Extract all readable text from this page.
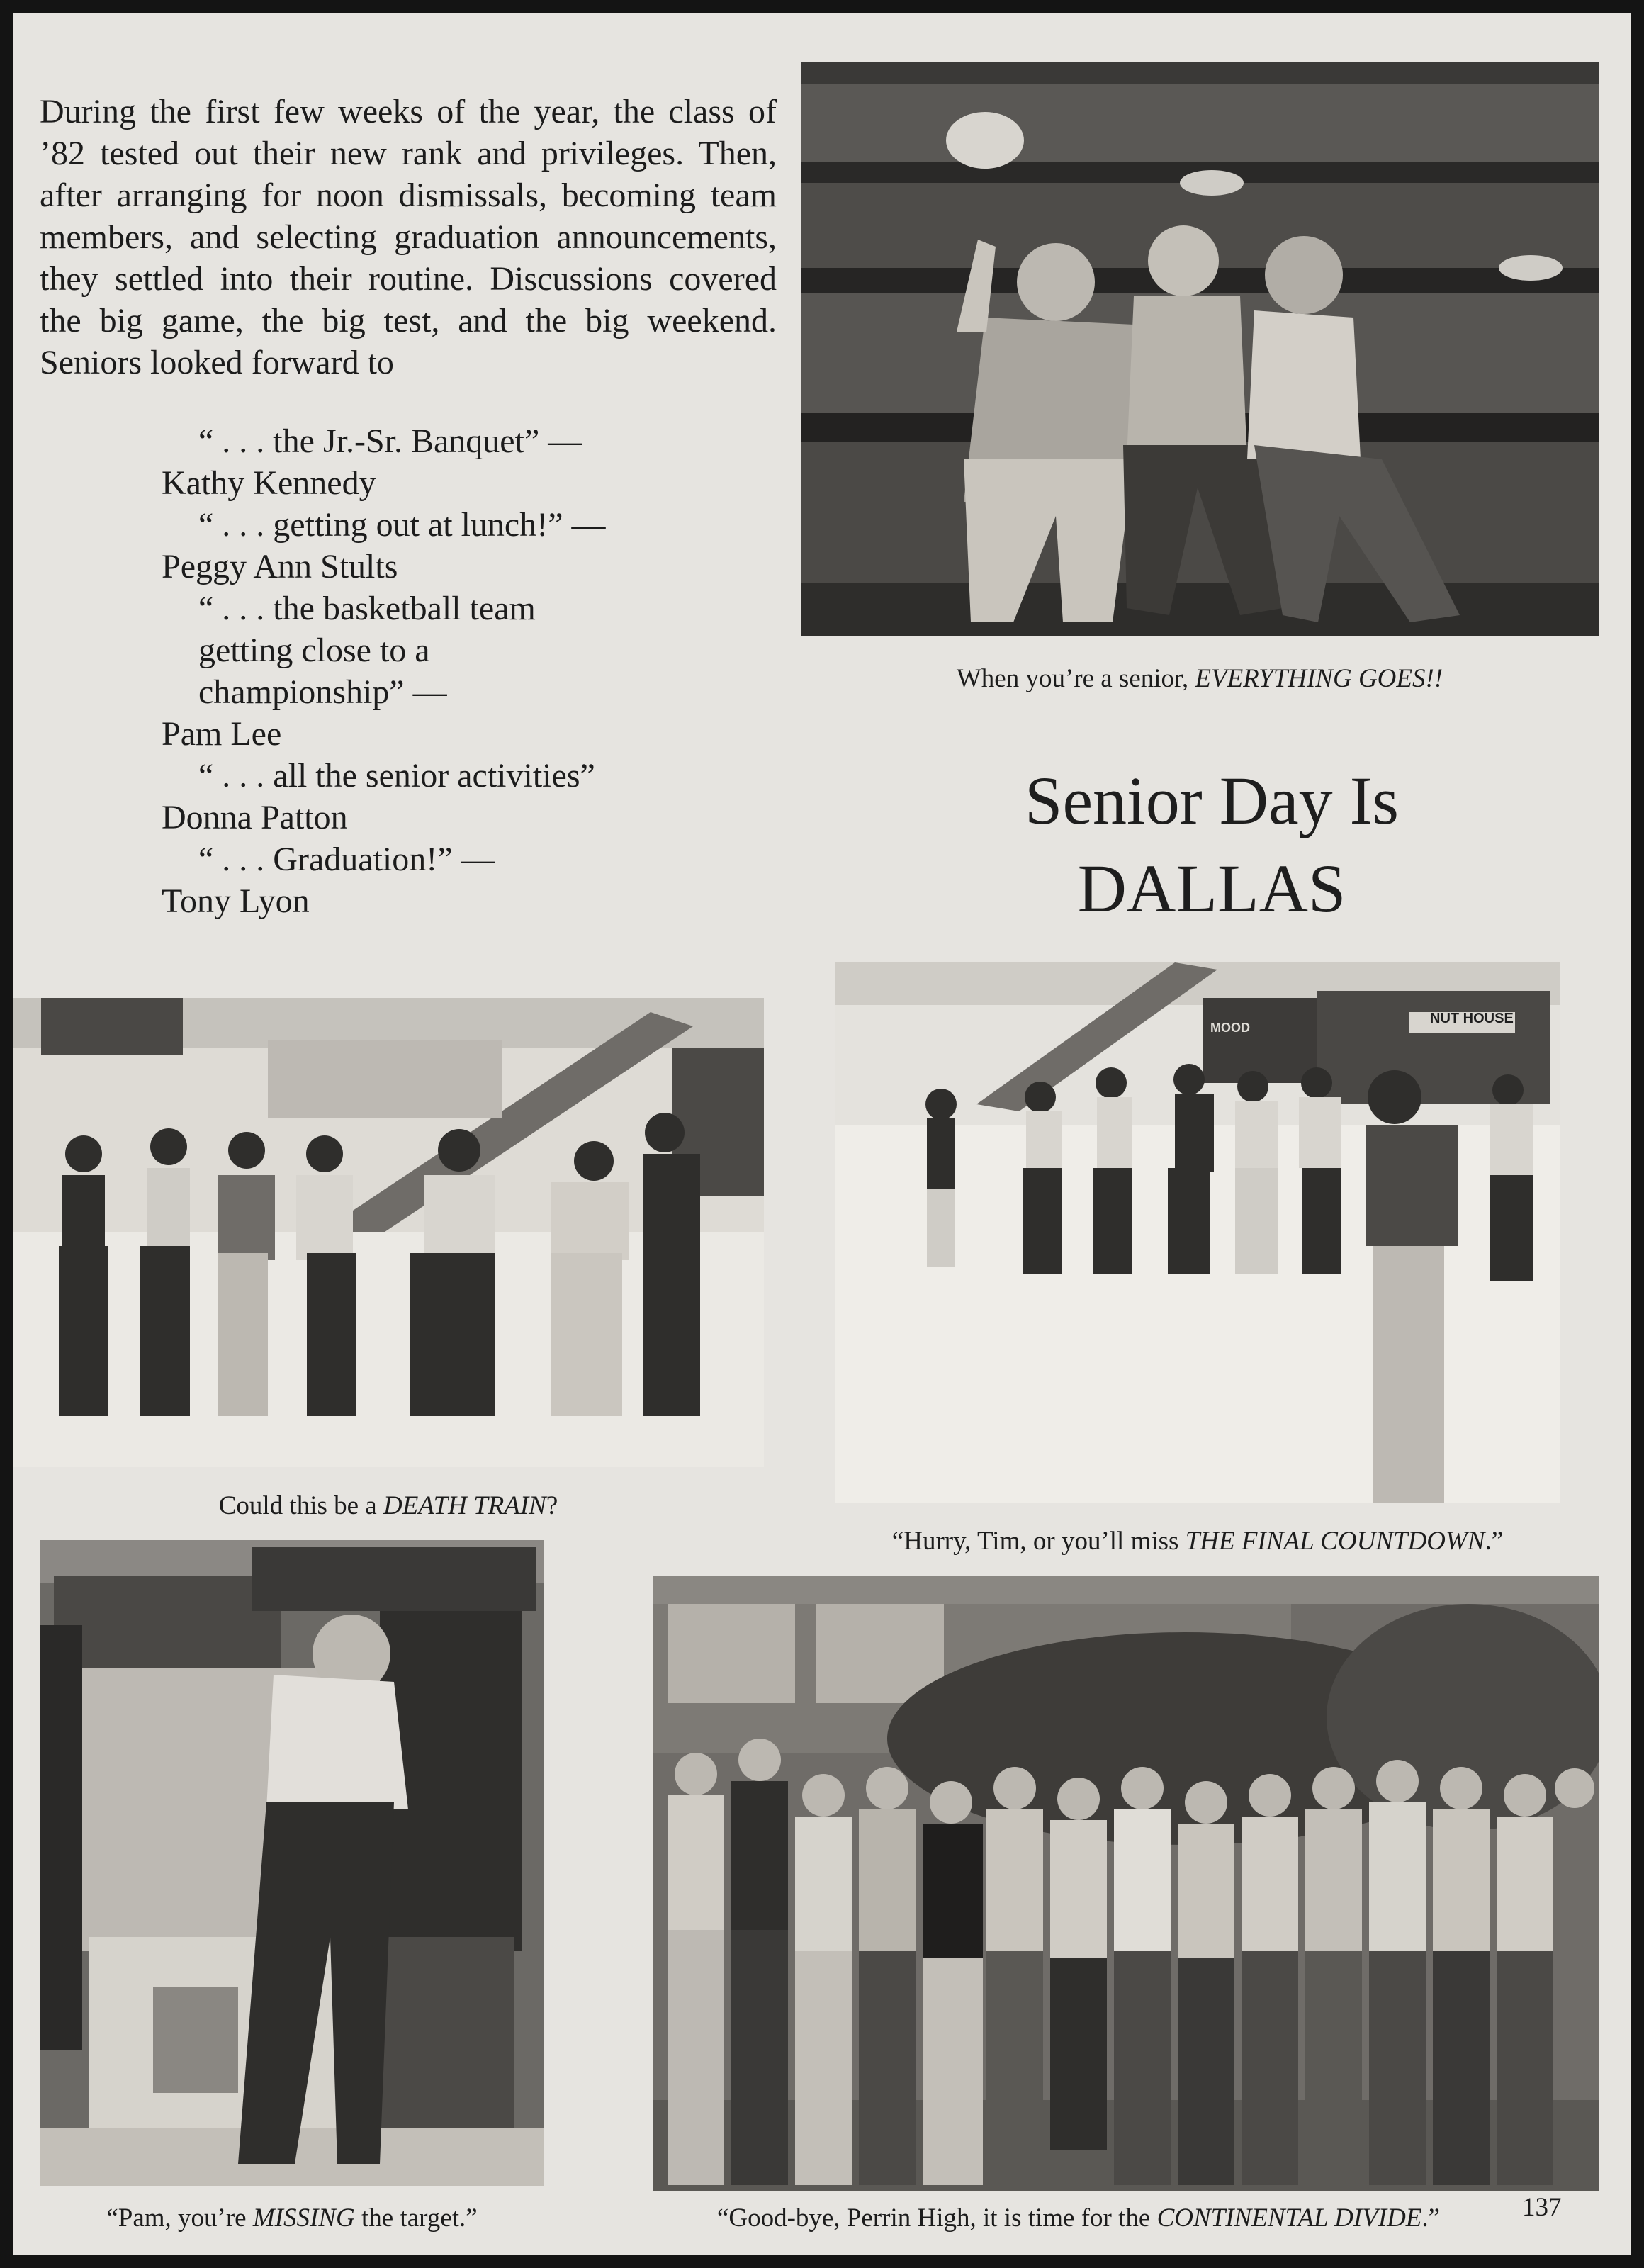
During the first few weeks of the year, the class of ’82 tested out their new rank and privileges. Then, after arranging for noon dismissals, becoming team members, and selecting graduation announcements, they settled into their routine. Discussions covered the big game, the big test, and the big weekend. Seniors looked forward to

“ . . . the Jr.-Sr. Banquet” —
Kathy Kennedy
“ . . . getting out at lunch!” —
Peggy Ann Stults
“ . . . the basketball team getting close to a championship” —
Pam Lee
“ . . . all the senior activities”
Donna Patton
“ . . . Graduation!” —
Tony Lyon
When you’re a senior, EVERYTHING GOES!!
Senior Day Is
DALLAS
Could this be a DEATH TRAIN?
NUT HOUSE
MOOD
“Hurry, Tim, or you’ll miss THE FINAL COUNTDOWN.”
“Pam, you’re MISSING the target.”	“Good-bye, Perrin High, it is time for the CONTINENTAL DIVIDE.”	137
